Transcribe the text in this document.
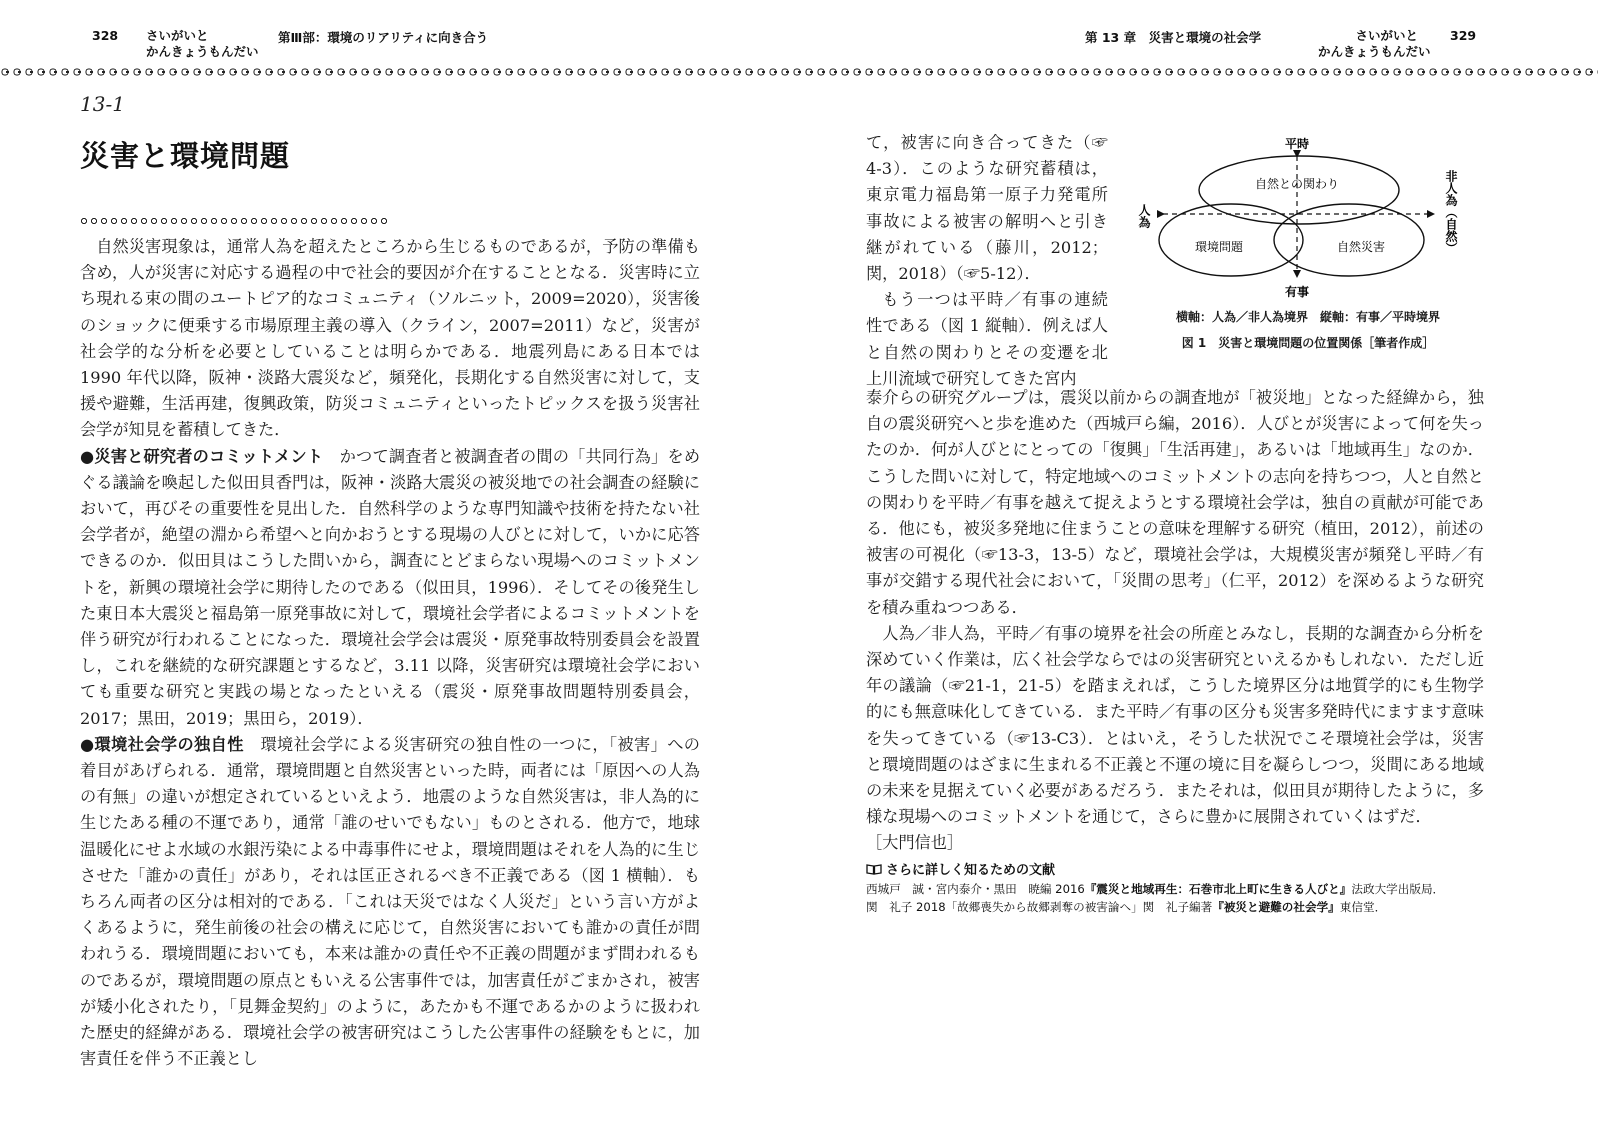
328 さいがいと
かんきょうもんだい
第Ⅲ部：環境のリアリティに向き合う	第 13 章　災害と環境の社会学	さいがいと
かんきょうもんだい
329
13-1
災害と環境問題

自然災害現象は，通常人為を超えたところから生じるものであるが，予防の準備も含め，人が災害に対応する過程の中で社会的要因が介在することとなる．災害時に立ち現れる束の間のユートピア的なコミュニティ（ソルニット，2009=2020），災害後のショックに便乗する市場原理主義の導入（クライン，2007=2011）など，災害が社会学的な分析を必要としていることは明らかである．地震列島にある日本では 1990 年代以降，阪神・淡路大震災など，頻発化，長期化する自然災害に対して，支援や避難，生活再建，復興政策，防災コミュニティといったトピックスを扱う災害社会学が知見を蓄積してきた．

●災害と研究者のコミットメント　 かつて調査者と被調査者の間の「共同行為」をめぐる議論を喚起した似田貝香門は，阪神・淡路大震災の被災地での社会調査の経験において，再びその重要性を見出した．自然科学のような専門知識や技術を持たない社会学者が，絶望の淵から希望へと向かおうとする現場の人びとに対して，いかに応答できるのか．似田貝はこうした問いから，調査にとどまらない現場へのコミットメントを，新興の環境社会学に期待したのである（似田貝，1996）．そしてその後発生した東日本大震災と福島第一原発事故に対して，環境社会学者によるコミットメントを伴う研究が行われることになった．環境社会学会は震災・原発事故特別委員会を設置し，これを継続的な研究課題とするなど，3.11 以降，災害研究は環境社会学においても重要な研究と実践の場となったといえる（震災・原発事故問題特別委員会，2017；黒田，2019；黒田ら，2019）．

●環境社会学の独自性　 環境社会学による災害研究の独自性の一つに，「被害」への着目があげられる．通常，環境問題と自然災害といった時，両者には「原因への人為の有無」の違いが想定されているといえよう．地震のような自然災害は，非人為的に生じたある種の不運であり，通常「誰のせいでもない」ものとされる．他方で，地球温暖化にせよ水域の水銀汚染による中毒事件にせよ，環境問題はそれを人為的に生じさせた「誰かの責任」があり，それは匡正されるべき不正義である（図 1 横軸）．もちろん両者の区分は相対的である．「これは天災ではなく人災だ」という言い方がよくあるように，発生前後の社会の構えに応じて，自然災害においても誰かの責任が問われうる．環境問題においても，本来は誰かの責任や不正義の問題がまず問われるものであるが，環境問題の原点ともいえる公害事件では，加害責任がごまかされ，被害が矮小化されたり，「見舞金契約」のように，あたかも不運であるかのように扱われた歴史的経緯がある．環境社会学の被害研究はこうした公害事件の経験をもとに，加害責任を伴う不正義とし

て，被害に向き合ってきた（☞4-3）．このような研究蓄積は，東京電力福島第一原子力発電所事故による被害の解明へと引き継がれている（藤川，2012；関，2018）（☞5-12）．

もう一つは平時／有事の連続性である（図 1 縦軸）．例えば人と自然の関わりとその変遷を北上川流域で研究してきた宮内

泰介らの研究グループは，震災以前からの調査地が「被災地」となった経緯から，独自の震災研究へと歩を進めた（西城戸ら編，2016）．人びとが災害によって何を失ったのか．何が人びとにとっての「復興」「生活再建」，あるいは「地域再生」なのか．こうした問いに対して，特定地域へのコミットメントの志向を持ちつつ，人と自然との関わりを平時／有事を越えて捉えようとする環境社会学は，独自の貢献が可能である．他にも，被災多発地に住まうことの意味を理解する研究（植田，2012），前述の被害の可視化（☞13-3，13-5）など，環境社会学は，大規模災害が頻発し平時／有事が交錯する現代社会において，「災間の思考」（仁平，2012）を深めるような研究を積み重ねつつある．

人為／非人為，平時／有事の境界を社会の所産とみなし，長期的な調査から分析を深めていく作業は，広く社会学ならではの災害研究といえるかもしれない．ただし近年の議論（☞21-1，21-5）を踏まえれば，こうした境界区分は地質学的にも生物学的にも無意味化してきている．また平時／有事の区分も災害多発時代にますます意味を失ってきている（☞13-C3）．とはいえ，そうした状況でこそ環境社会学は，災害と環境問題のはざまに生まれる不正義と不運の境に目を凝らしつつ，災間にある地域の未来を見据えていく必要があるだろう．またそれは，似田貝が期待したように，多様な現場へのコミットメントを通じて，さらに豊かに展開されていくはずだ．

［大門信也］

平時
有事
自然との関わり
環境問題	自然災害
人為	非人為（自然）
横軸：人為／非人為境界　縦軸：有事／平時境界
図 1　災害と環境問題の位置関係［筆者作成］
さらに詳しく知るための文献
西城戸　誠・宮内泰介・黒田　暁編 2016『震災と地域再生：石巻市北上町に生きる人びと』法政大学出版局．
関　礼子 2018「故郷喪失から故郷剥奪の被害論へ」関　礼子編著『被災と避難の社会学』東信堂．
